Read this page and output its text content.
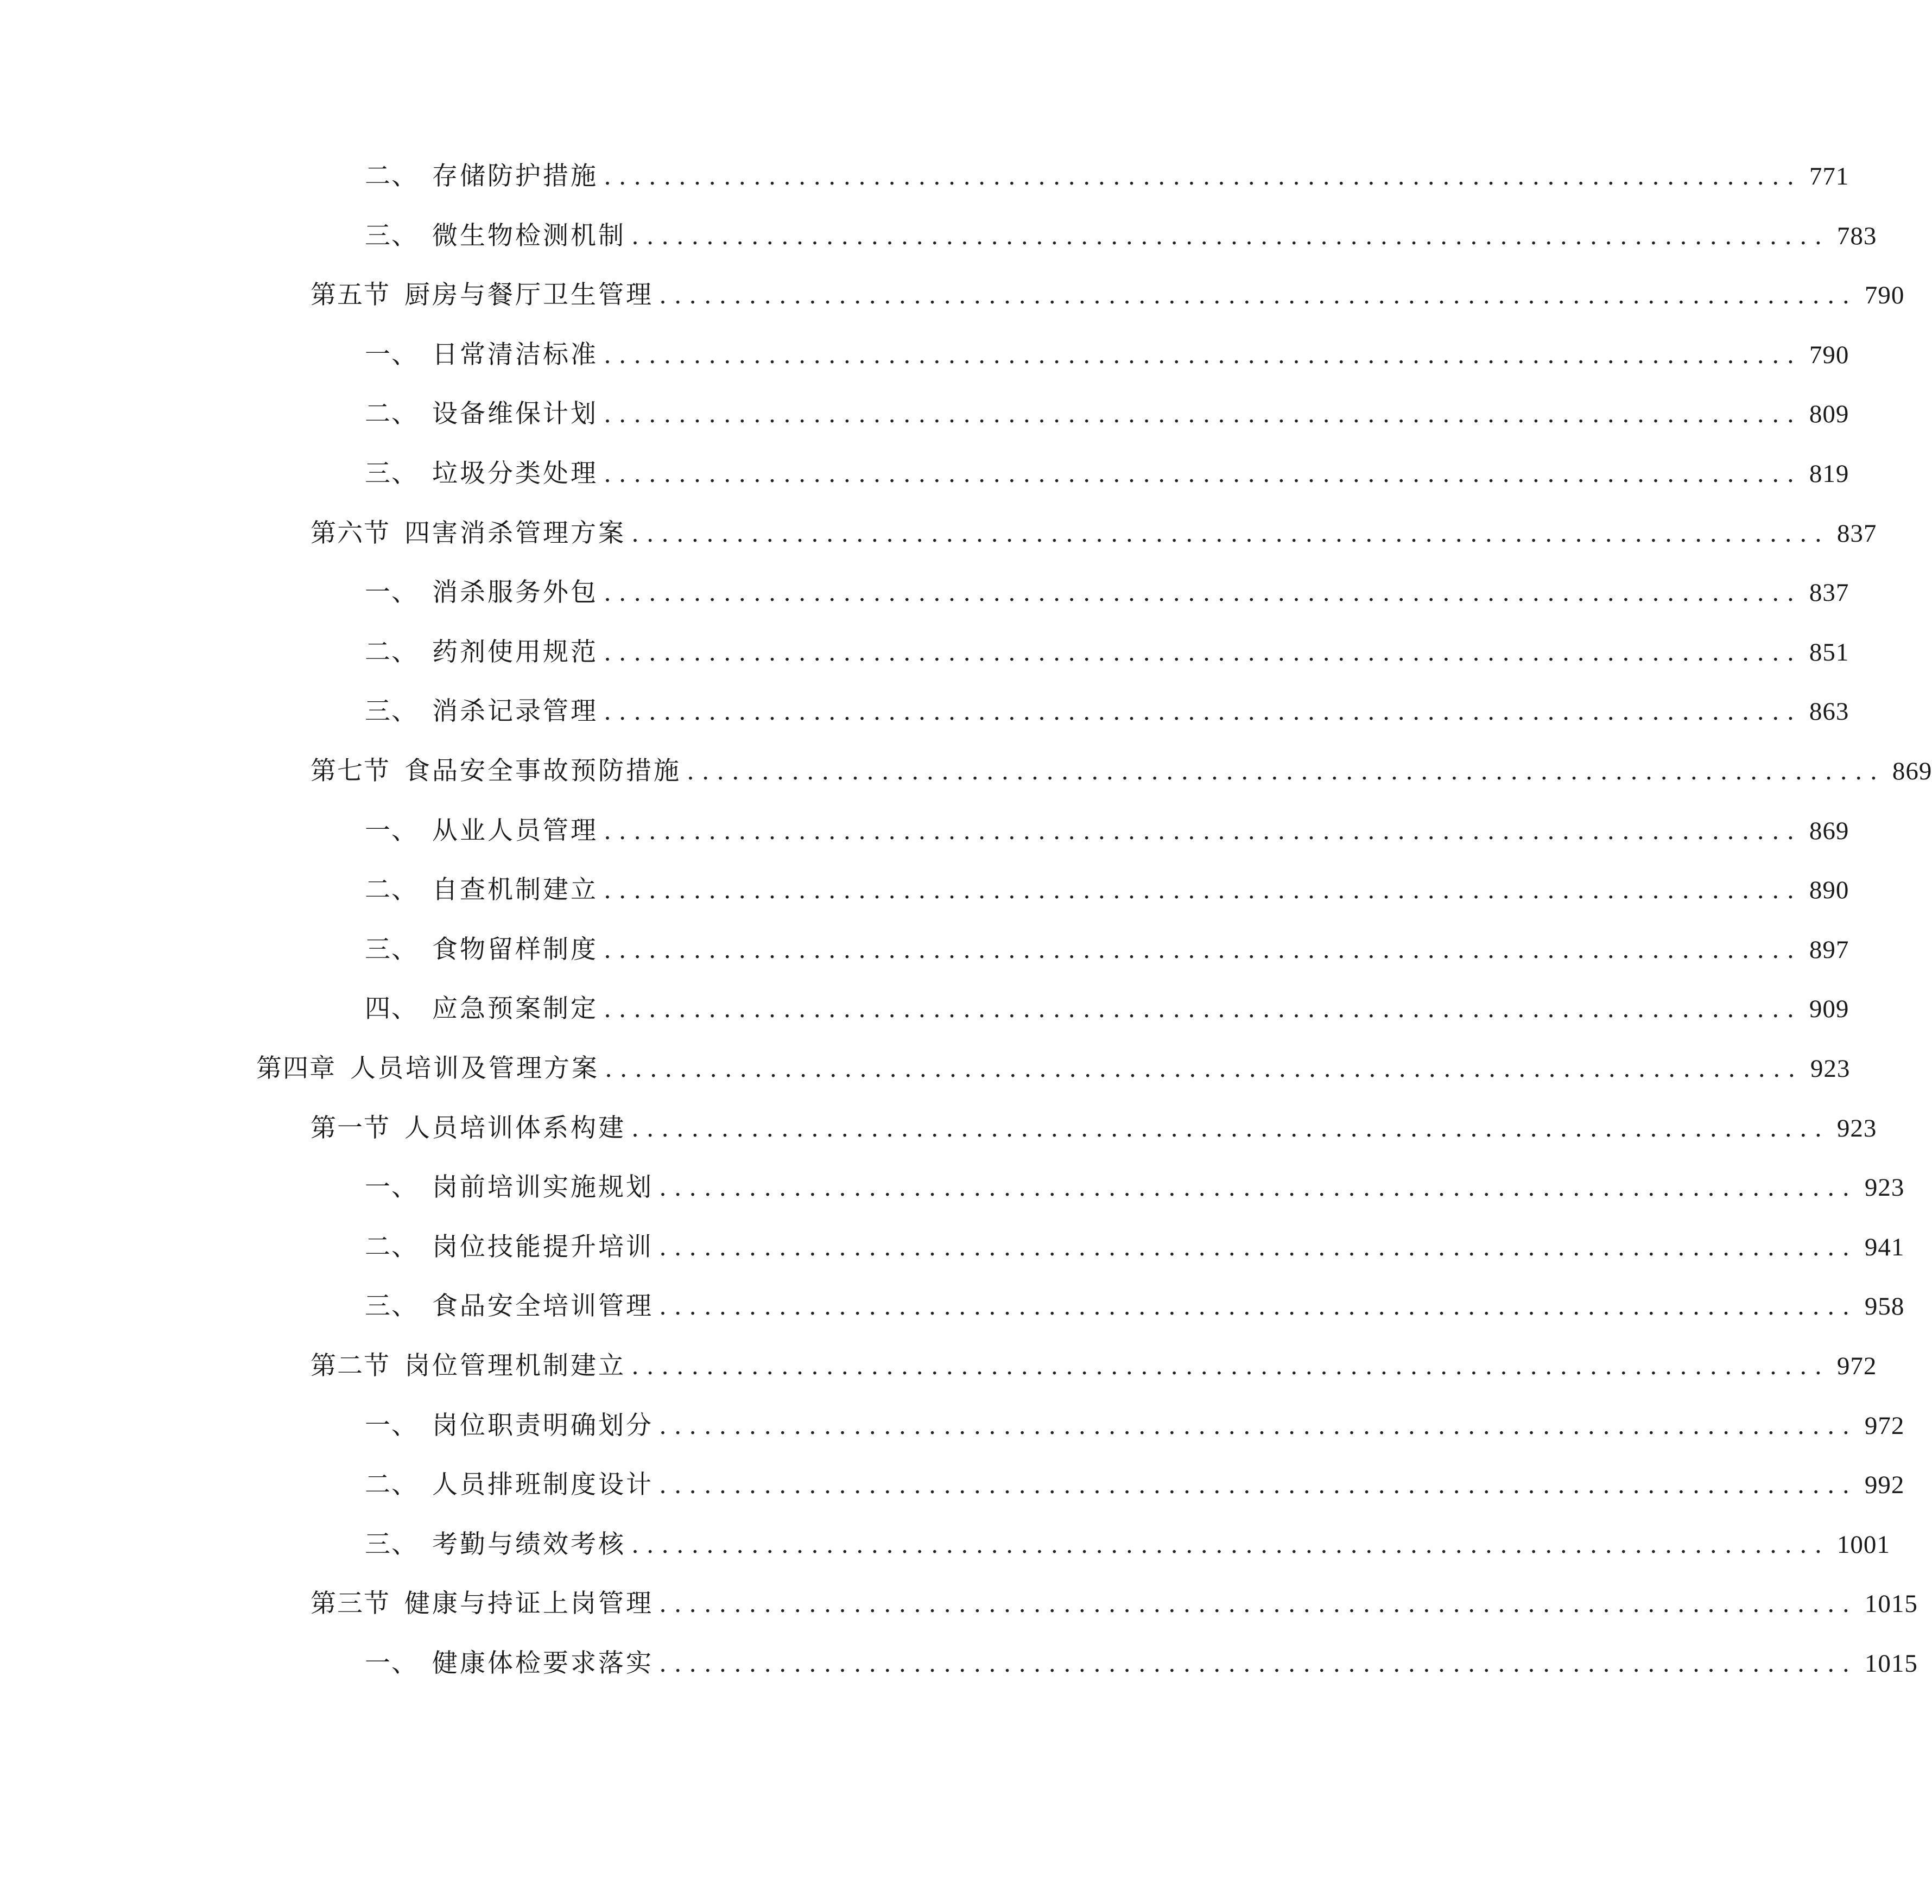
二、 存储防护措施 ................................................................................ 771
三、 微生物检测机制 ................................................................................ 783
第五节 厨房与餐厅卫生管理 ................................................................................ 790
一、 日常清洁标准 ................................................................................ 790
二、 设备维保计划 ................................................................................ 809
三、 垃圾分类处理 ................................................................................ 819
第六节 四害消杀管理方案 ................................................................................ 837
一、 消杀服务外包 ................................................................................ 837
二、 药剂使用规范 ................................................................................ 851
三、 消杀记录管理 ................................................................................ 863
第七节 食品安全事故预防措施 ................................................................................ 869
一、 从业人员管理 ................................................................................ 869
二、 自查机制建立 ................................................................................ 890
三、 食物留样制度 ................................................................................ 897
四、 应急预案制定 ................................................................................ 909
第四章 人员培训及管理方案 ................................................................................ 923
第一节 人员培训体系构建 ................................................................................ 923
一、 岗前培训实施规划 ................................................................................ 923
二、 岗位技能提升培训 ................................................................................ 941
三、 食品安全培训管理 ................................................................................ 958
第二节 岗位管理机制建立 ................................................................................ 972
一、 岗位职责明确划分 ................................................................................ 972
二、 人员排班制度设计 ................................................................................ 992
三、 考勤与绩效考核 ................................................................................ 1001
第三节 健康与持证上岗管理 ................................................................................ 1015
一、 健康体检要求落实 ................................................................................ 1015
